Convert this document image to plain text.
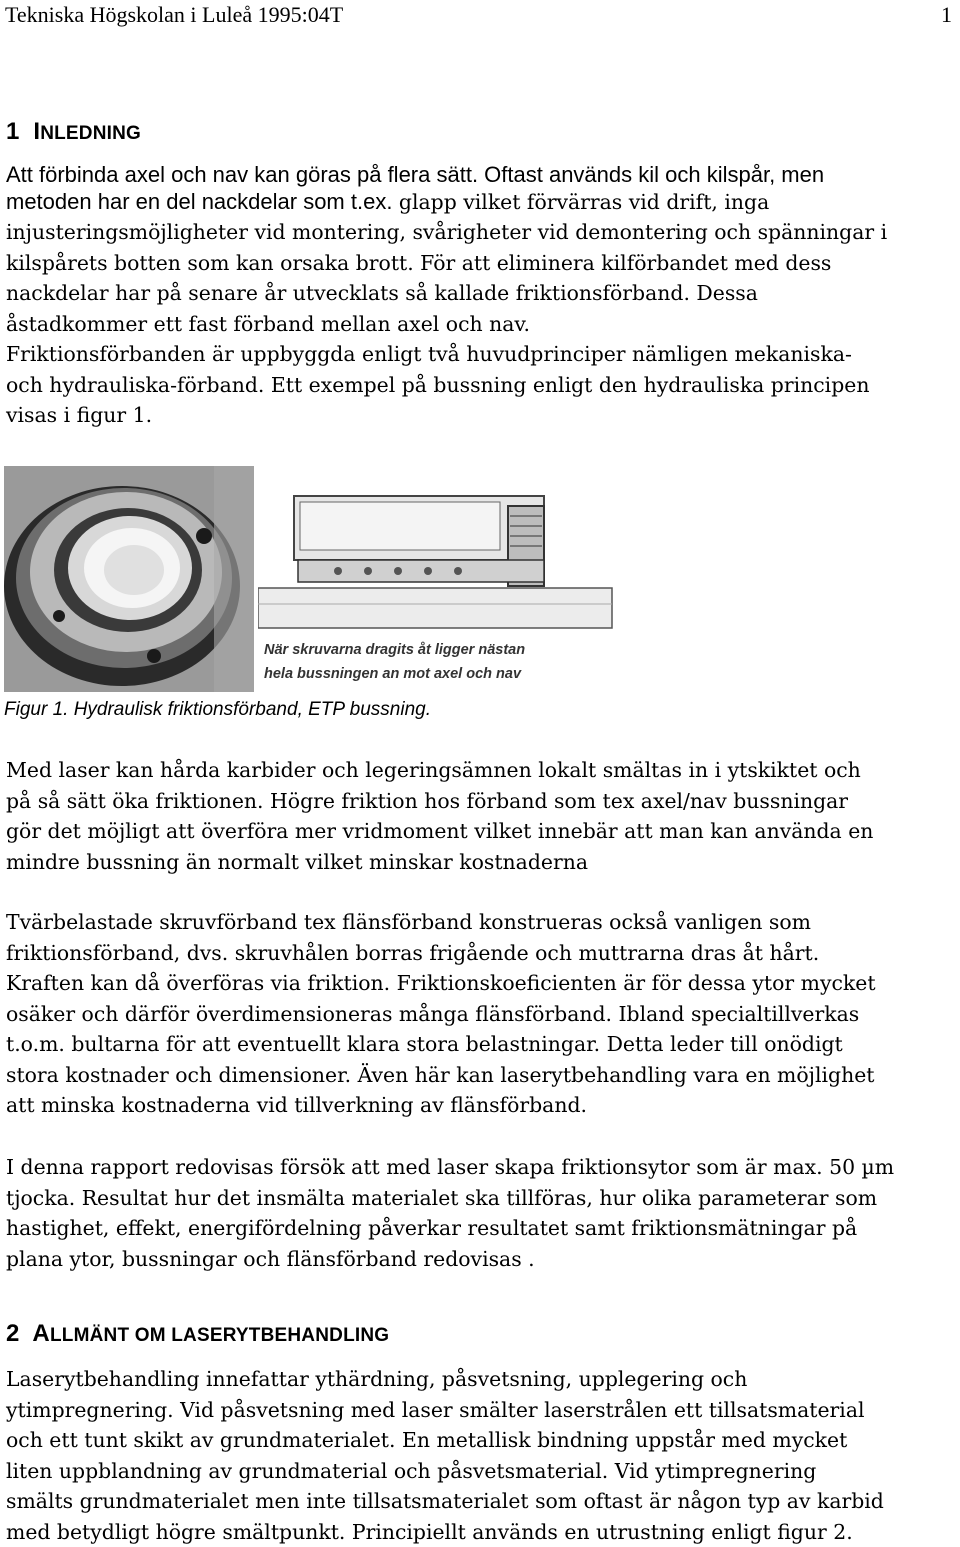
Tekniska Högskolan i Luleå 1995:04T	1
1 INLEDNING
Att förbinda axel och nav kan göras på flera sätt. Oftast används kil och kilspår, men
metoden har en del nackdelar som t.ex. glapp vilket förvärras vid drift, inga
injusteringsmöjligheter vid montering, svårigheter vid demontering och spänningar i
kilspårets botten som kan orsaka brott. För att eliminera kilförbandet med dess
nackdelar har på senare år utvecklats så kallade friktionsförband. Dessa
åstadkommer ett fast förband mellan axel och nav.
Friktionsförbanden är uppbyggda enligt två huvudprinciper nämligen mekaniska-
och hydrauliska-förband. Ett exempel på bussning enligt den hydrauliska principen
visas i figur 1.
När skruvarna dragits åt ligger nästan
hela bussningen an mot axel och nav
Figur 1. Hydraulisk friktionsförband, ETP bussning.
Med laser kan hårda karbider och legeringsämnen lokalt smältas in i ytskiktet och
på så sätt öka friktionen. Högre friktion hos förband som tex axel/nav bussningar
gör det möjligt att överföra mer vridmoment vilket innebär att man kan använda en
mindre bussning än normalt vilket minskar kostnaderna
Tvärbelastade skruvförband tex flänsförband konstrueras också vanligen som
friktionsförband, dvs. skruvhålen borras frigående och muttrarna dras åt hårt.
Kraften kan då överföras via friktion. Friktionskoeficienten är för dessa ytor mycket
osäker och därför överdimensioneras många flänsförband. Ibland specialtillverkas
t.o.m. bultarna för att eventuellt klara stora belastningar. Detta leder till onödigt
stora kostnader och dimensioner. Även här kan laserytbehandling vara en möjlighet
att minska kostnaderna vid tillverkning av flänsförband.
I denna rapport redovisas försök att med laser skapa friktionsytor som är max. 50 µm
tjocka. Resultat hur det insmälta materialet ska tillföras, hur olika parameterar som
hastighet, effekt, energifördelning påverkar resultatet samt friktionsmätningar på
plana ytor, bussningar och flänsförband redovisas .
2 ALLMÄNT OM LASERYTBEHANDLING
Laserytbehandling innefattar ythärdning, påsvetsning, upplegering och
ytimpregnering. Vid påsvetsning med laser smälter laserstrålen ett tillsatsmaterial
och ett tunt skikt av grundmaterialet. En metallisk bindning uppstår med mycket
liten uppblandning av grundmaterial och påsvetsmaterial. Vid ytimpregnering
smälts grundmaterialet men inte tillsatsmaterialet som oftast är någon typ av karbid
med betydligt högre smältpunkt. Principiellt används en utrustning enligt figur 2.
